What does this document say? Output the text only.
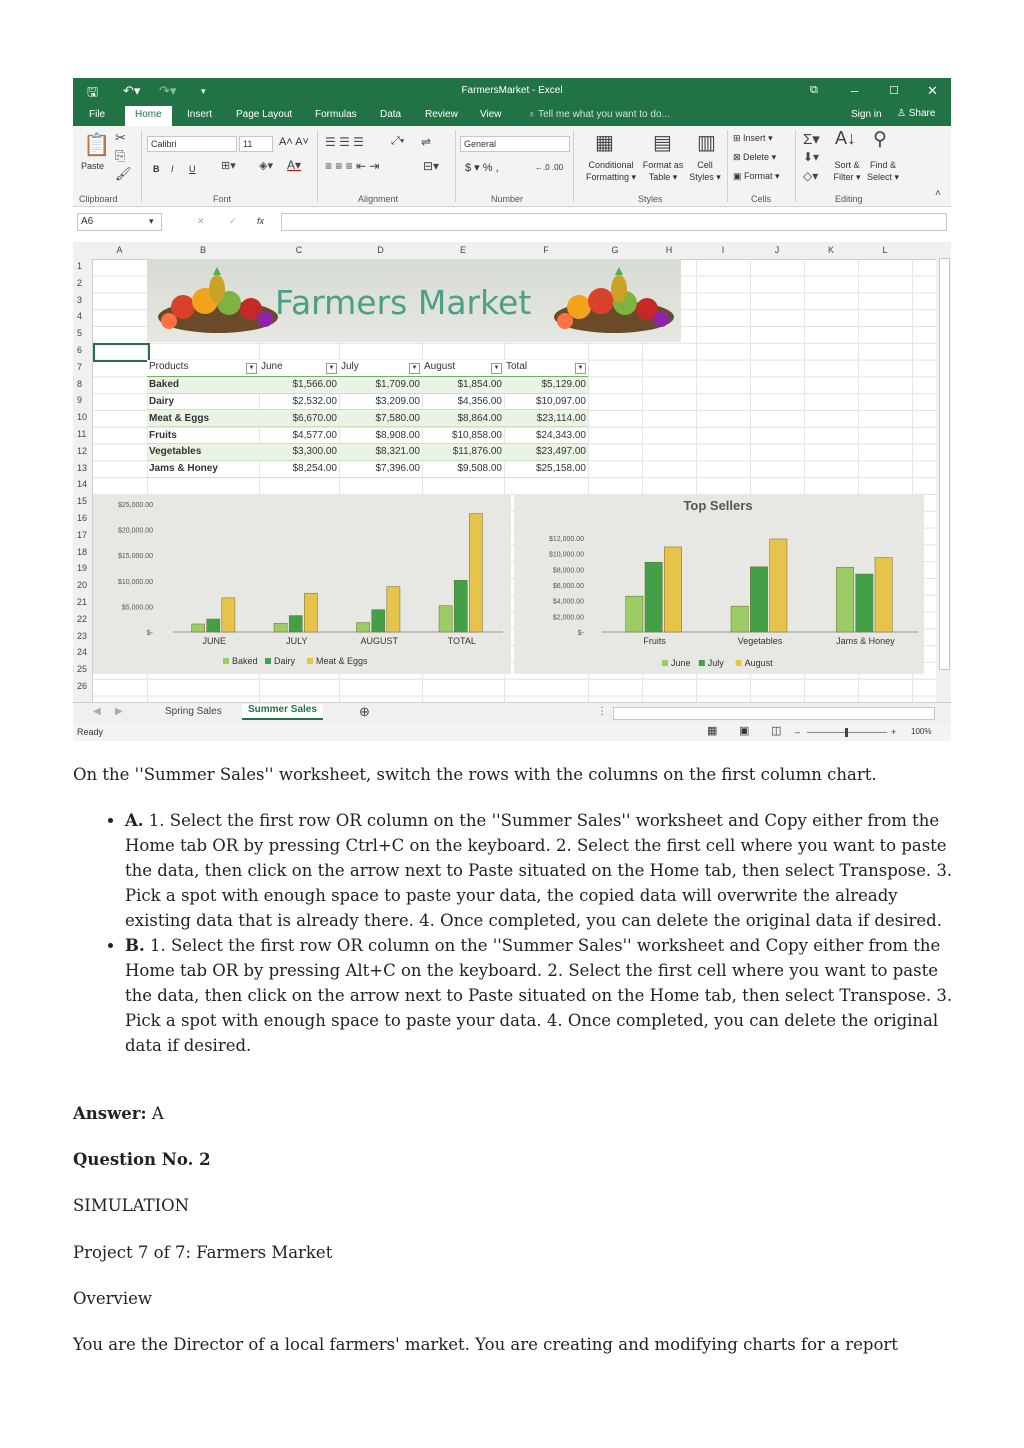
🖫 ↶▾ ↷▾	▾	FarmersMarket - Excel	⧉	–	☐ ✕
File	Home	Insert Page Layout Formulas Data Review View	♁ Tell me what you want to do...	Sign in ♙ Share
📋
Paste
✂
⎘
🖌
Clipboard
Calibri	11	A˄ A˅
B I U ⊞▾ ◈▾ A▾
Font
☰ ☰ ☰ ⤢▾ ⇌
≡ ≡ ≡ ⇤ ⇥	⊟▾
Alignment
General
$ ▾ % ,	←.0 .00
Number
▦
Conditional
Formatting ▾
▤
Format as
Table ▾
▥
Cell
Styles ▾
Styles
⊞ Insert ▾
⊠ Delete ▾
▣ Format ▾
Cells
Σ▾
⬇▾
◇▾
A↓
Sort &
Filter ▾
⚲
Find &
Select ▾
Editing	˄
A6	▾	✕	✓ fx
A	B	C	D	E	F	G	H	I	J	K	L
1
2
3
4
5
6
7
8
9
10
11
12
13
14
15
16
17
18
19
20
21
22
23
24
25
26
Farmers Market
Products ▼	June ▼	July ▼	August ▼	Total ▼

Baked	$1,566.00	$1,709.00	$1,854.00	$5,129.00
Dairy	$2,532.00	$3,209.00	$4,356.00	$10,097.00
Meat & Eggs	$6,670.00	$7,580.00	$8,864.00	$23,114.00
Fruits	$4,577.00	$8,908.00	$10,858.00	$24,343.00
Vegetables	$3,300.00	$8,321.00	$11,876.00	$23,497.00
Jams & Honey	$8,254.00	$7,396.00	$9,508.00	$25,158.00
$-
$5,000.00
$10,000.00
$15,000.00
$20,000.00
$25,000.00
JUNE	JULY	AUGUST	TOTAL
Baked Dairy Meat & Eggs
$-
$2,000.00
$4,000.00
$6,000.00
$8,000.00
$10,000.00
$12,000.00
Top Sellers
Fruits	Vegetables	Jams & Honey
June July August
◀ ▶	Spring Sales	Summer Sales	⊕	⋮
Ready	▦ ▣ ◫ –	+ 100%
On the ''Summer Sales'' worksheet, switch the rows with the columns on the first column chart.
• A. 1. Select the first row OR column on the ''Summer Sales'' worksheet and Copy either from the Home tab OR by pressing Ctrl+C on the keyboard. 2. Select the first cell where you want to paste the data, then click on the arrow next to Paste situated on the Home tab, then select Transpose. 3. Pick a spot with enough space to paste your data, the copied data will overwrite the already existing data that is already there. 4. Once completed, you can delete the original data if desired.
• B. 1. Select the first row OR column on the ''Summer Sales'' worksheet and Copy either from the Home tab OR by pressing Alt+C on the keyboard. 2. Select the first cell where you want to paste the data, then click on the arrow next to Paste situated on the Home tab, then select Transpose. 3. Pick a spot with enough space to paste your data. 4. Once completed, you can delete the original data if desired.
Answer: A
Question No. 2
SIMULATION
Project 7 of 7: Farmers Market
Overview
You are the Director of a local farmers' market. You are creating and modifying charts for a report
